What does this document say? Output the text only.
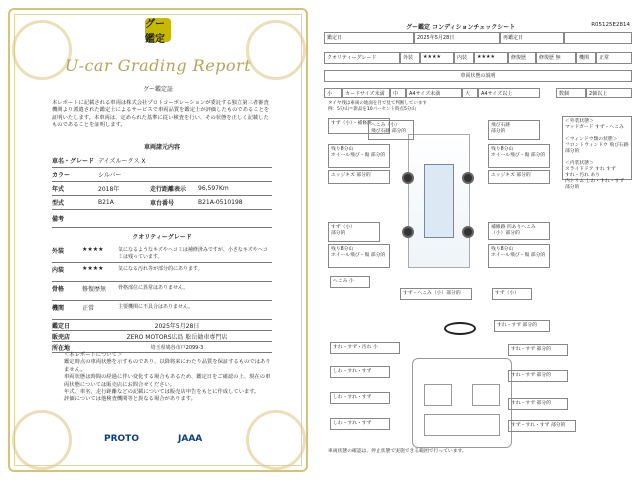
グー 鑑定
U-car Grading Report
グー鑑定証
本レポートに記載される車両は株式会社プロトコーポレーションが委託する独立第三者審査機関より派遣された鑑定士によるサービスで車両品質を鑑定士が評価したものであることを証明いたします。本車両は、定められた基準に従い検査を行い、その状態を正しく記載したものであることを証明します。
車両諸元内容
車名・グレード デイズルークス X
カラー	シルバー
年式	2018年	走行距離表示	96,597Km
型式	B21A	車台番号	B21A-0510198
備考
クオリティーグレード
外装	★★★★	気になるようなキズやヘコミは補修済みですが、小さなキズやヘコミは残っています。
内装	★★★★	気になる汚れ等が部分的にあります。
骨格	修復歴無	骨格部位に異常はありません。
機関	正常	主要機関に不具合はありません。
鑑定日	2025年5月28日
販売店	ZERO MOTORS広島 舩岳勧車専門店
所在地	埼玉県鳩谷市戸2099-3
＜本レポートについて＞
鑑定時点の車両状態を示すものであり、以降将来にわたり品質を保証するものではありません。
車両状態は時間の経過に伴い変化する場合もあるため、鑑定日をご確認の上、現在の車両状態については販売店にお問合せください。
年式、車名、走行距離などの記載については販売店申告をもとに作成しています。
評価については他検査機関等と異なる場合があります。
PROTO	JAAA
グー鑑定 コンディションチェックシート	R05125E2814
鑑定日	2025年5月28日	再鑑定日
クオリティーグレード	外装	★★★★	内装	★★★★	修復歴	修復歴 無	機関	正常
車両状態の説明
小	カードサイズ未満	中	A4サイズ未満	大	A4サイズ以上	数個	2個以上
タイヤ残は車両の地面を目で見て判断しています
例：5分山＝新品を10パーセント時点5分山
すず（小）・補修跡 へこみ（小）
飛び石跡 部分的
飛び石跡
部分的
残り8分山
ホイール飛び・傷 部分的
残り8分山
ホイール飛び・傷 部分的
エッジキズ 部分的	エッジキズ 部分的
すず（小）
部分的
残り8分山
ホイール飛び・傷 部分的
残り8分山
ホイール飛び・傷 部分的
補修跡 凹ありへこみ（小）部分的
へこみ 小
すず・へこみ（小）部分的	すず（小）
＜外装状態＞
マッドガード すず・へこみ

＜ウィンドウ類の状態＞
フロントウィンドウ 飛び石跡 部分的

＜内装状態＞
スライドドア すれ すず
すれ・汚れ あり
内トリム しわ・すれ・すず 部分的
すれ・すず・汚れ 小
すれ・すず 部分的
しわ・すれ・すず
すれ・すず 部分的
しわ・すれ・すず
すれ・すず 部分的
しわ・すれ・すず
すれ・すず 部分的
すず・すれ・すず 部分的
車両状態の確認は、停止状態で実施できる範囲で行っています。
